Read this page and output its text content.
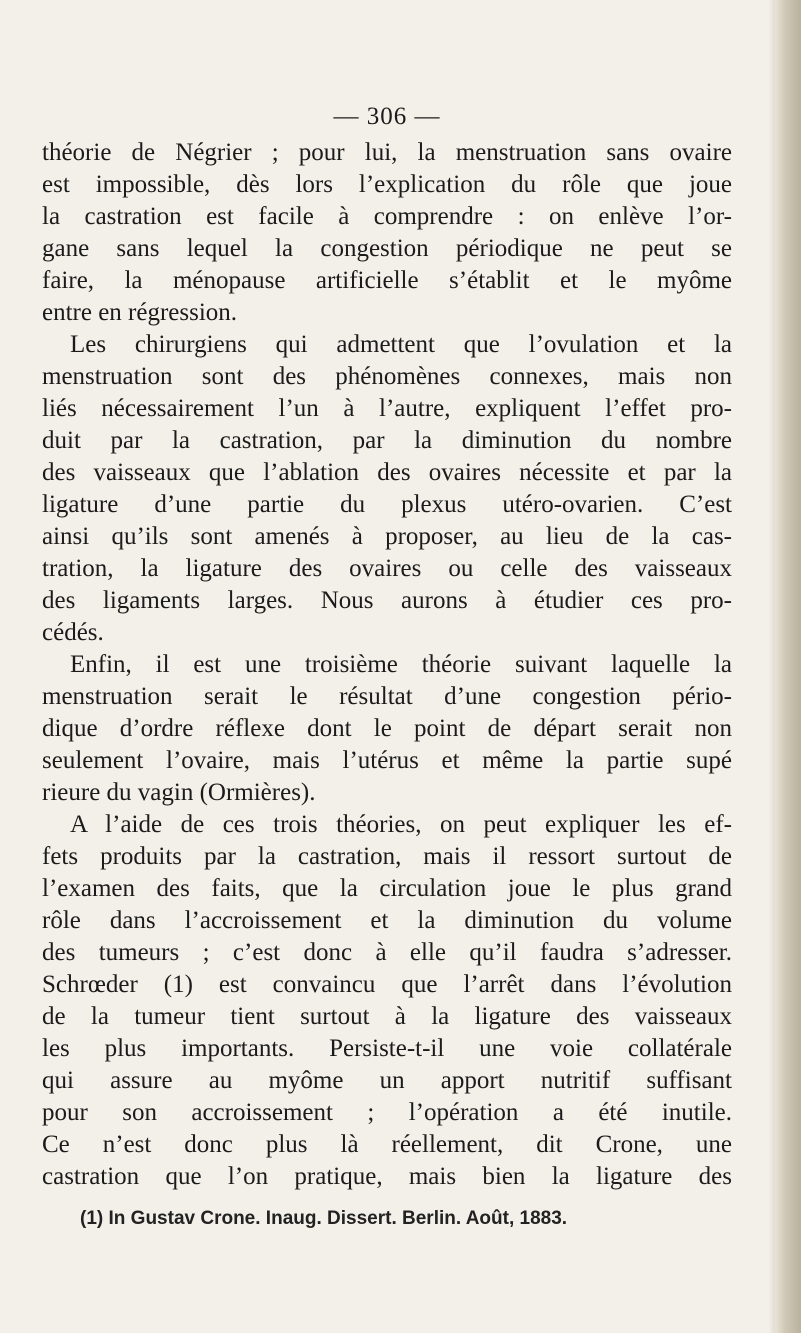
— 306 —
théorie de Négrier ; pour lui, la menstruation sans ovaire
est impossible, dès lors l’explication du rôle que joue
la castration est facile à comprendre : on enlève l’or-
gane sans lequel la congestion périodique ne peut se
faire, la ménopause artificielle s’établit et le myôme
entre en régression.
Les chirurgiens qui admettent que l’ovulation et la
menstruation sont des phénomènes connexes, mais non
liés nécessairement l’un à l’autre, expliquent l’effet pro-
duit par la castration, par la diminution du nombre
des vaisseaux que l’ablation des ovaires nécessite et par la
ligature d’une partie du plexus utéro-ovarien. C’est
ainsi qu’ils sont amenés à proposer, au lieu de la cas-
tration, la ligature des ovaires ou celle des vaisseaux
des ligaments larges. Nous aurons à étudier ces pro-
cédés.
Enfin, il est une troisième théorie suivant laquelle la
menstruation serait le résultat d’une congestion pério-
dique d’ordre réflexe dont le point de départ serait non
seulement l’ovaire, mais l’utérus et même la partie supé
rieure du vagin (Ormières).
A l’aide de ces trois théories, on peut expliquer les ef-
fets produits par la castration, mais il ressort surtout de
l’examen des faits, que la circulation joue le plus grand
rôle dans l’accroissement et la diminution du volume
des tumeurs ; c’est donc à elle qu’il faudra s’adresser.
Schrœder (1) est convaincu que l’arrêt dans l’évolution
de la tumeur tient surtout à la ligature des vaisseaux
les plus importants. Persiste-t-il une voie collatérale
qui assure au myôme un apport nutritif suffisant
pour son accroissement ; l’opération a été inutile.
Ce n’est donc plus là réellement, dit Crone, une
castration que l’on pratique, mais bien la ligature des
(1) In Gustav Crone. Inaug. Dissert. Berlin. Août, 1883.
